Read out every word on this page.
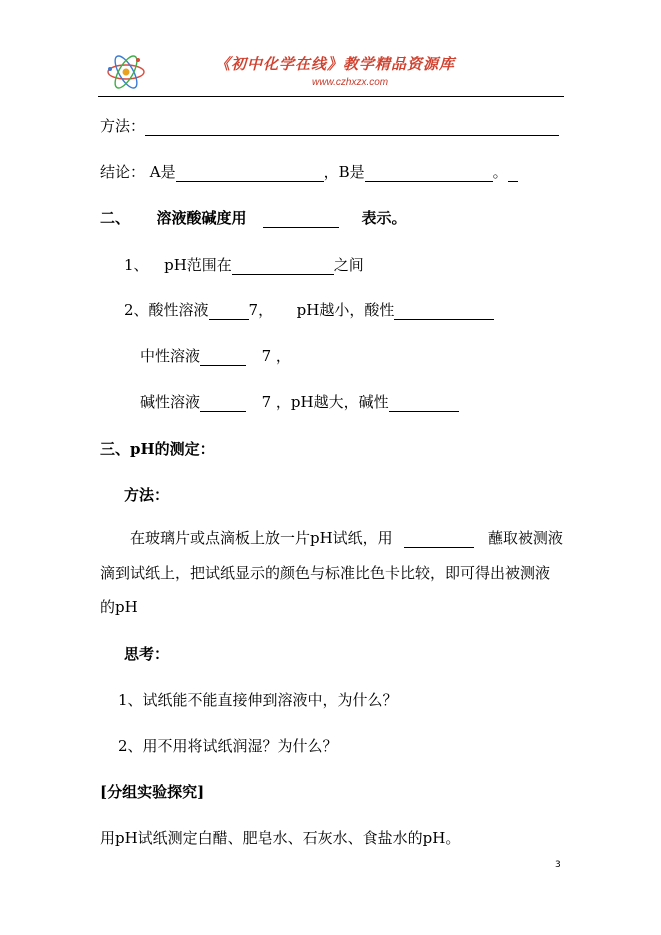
《初中化学在线》教学精品资源库
www.czhxzx.com
方法：
结论： A是	，B是	。
二、 溶液酸碱度用	表示。
1、 pH范围在	之间
2、酸性溶液	7， pH越小，酸性
中性溶液	7 ，
碱性溶液	7 ，pH越大，碱性
三、pH的测定：
方法：
在玻璃片或点滴板上放一片pH试纸，用	蘸取被测液
滴到试纸上，把试纸显示的颜色与标准比色卡比较，即可得出被测液
的pH
思考：
1、试纸能不能直接伸到溶液中，为什么？
2、用不用将试纸润湿？为什么？
[分组实验探究]
用pH试纸测定白醋、肥皂水、石灰水、食盐水的pH。
3
